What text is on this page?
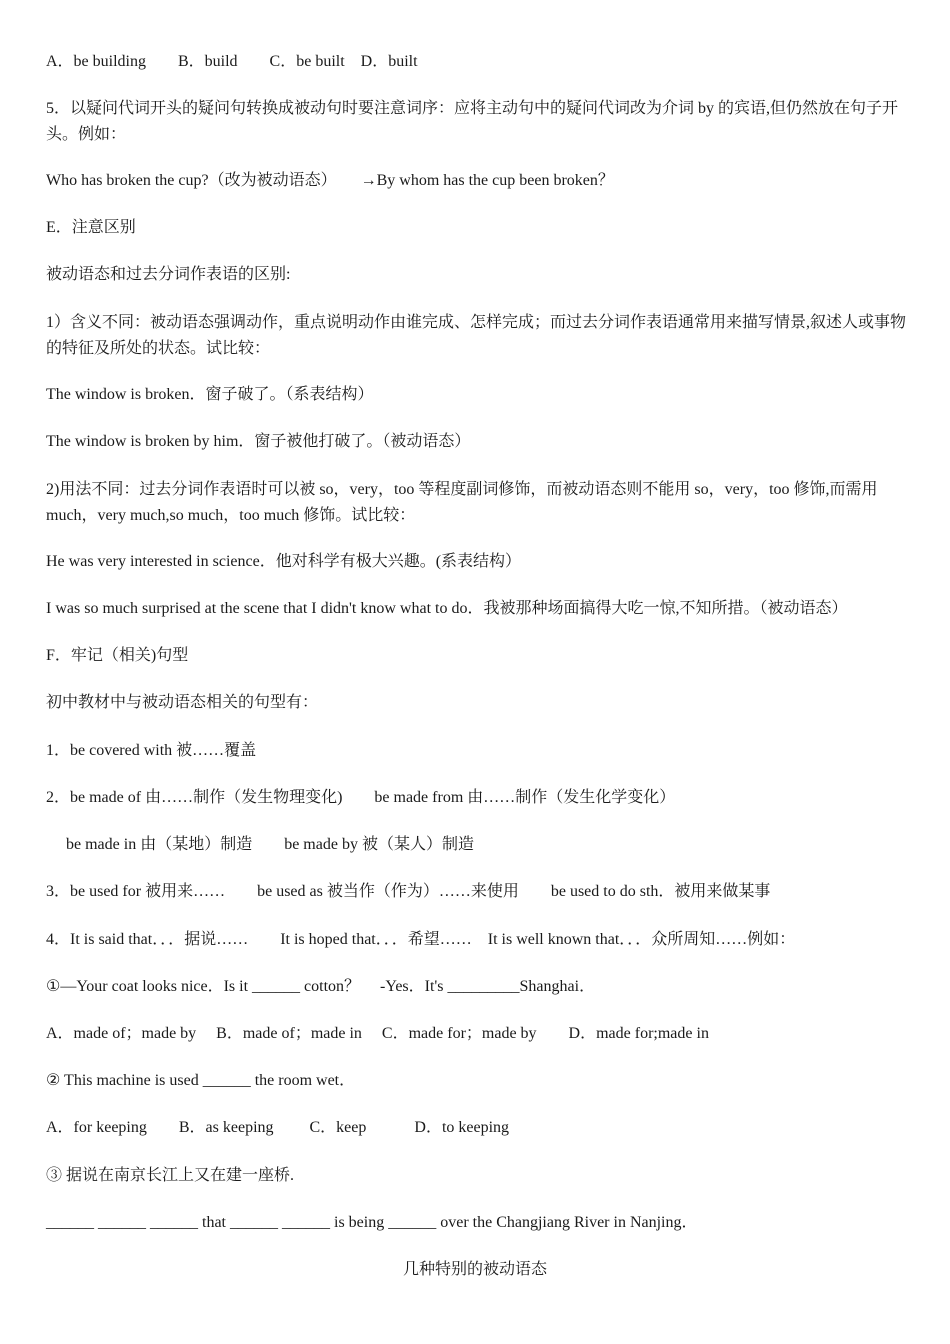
A．be building　　B．build　　C．be built　D．built
5．以疑问代词开头的疑问句转换成被动句时要注意词序：应将主动句中的疑问代词改为介词 by 的宾语,但仍然放在句子开头。例如：
Who has broken the cup?（改为被动语态）　　→By whom has the cup been broken？
E．注意区别
被动语态和过去分词作表语的区别:
1）含义不同：被动语态强调动作，重点说明动作由谁完成、怎样完成；而过去分词作表语通常用来描写情景,叙述人或事物的特征及所处的状态。试比较：
The window is broken．窗子破了。（系表结构）
The window is broken by him．窗子被他打破了。（被动语态）
2)用法不同：过去分词作表语时可以被 so，very，too 等程度副词修饰，而被动语态则不能用 so，very，too 修饰,而需用 much，very much,so much，too much 修饰。试比较：
He was very interested in science．他对科学有极大兴趣。(系表结构）
I was so much surprised at the scene that I didn't know what to do．我被那种场面搞得大吃一惊,不知所措。（被动语态）
F．牢记（相关)句型
初中教材中与被动语态相关的句型有：
1．be covered with 被……覆盖
2．be made of 由……制作（发生物理变化)　　be made from 由……制作（发生化学变化）
　 be made in 由（某地）制造　　be made by 被（某人）制造
3．be used for 被用来……　　be used as 被当作（作为）……来使用　　be used to do sth．被用来做某事
4．It is said that．．．据说……　　It is hoped that．．．希望……　It is well known that．．．众所周知……例如：
①—Your coat looks nice．Is it ______ cotton？　 -Yes．It's _________Shanghai．
A．made of；made by　 B．made of；made in　 C．made for；made by　　D．made for;made in
② This machine is used ______ the room wet．
A．for keeping　　B．as keeping　　 C．keep　　　D．to keeping
③ 据说在南京长江上又在建一座桥.
______ ______ ______ that ______ ______ is being ______ over the Changjiang River in Nanjing．
几种特别的被动语态
